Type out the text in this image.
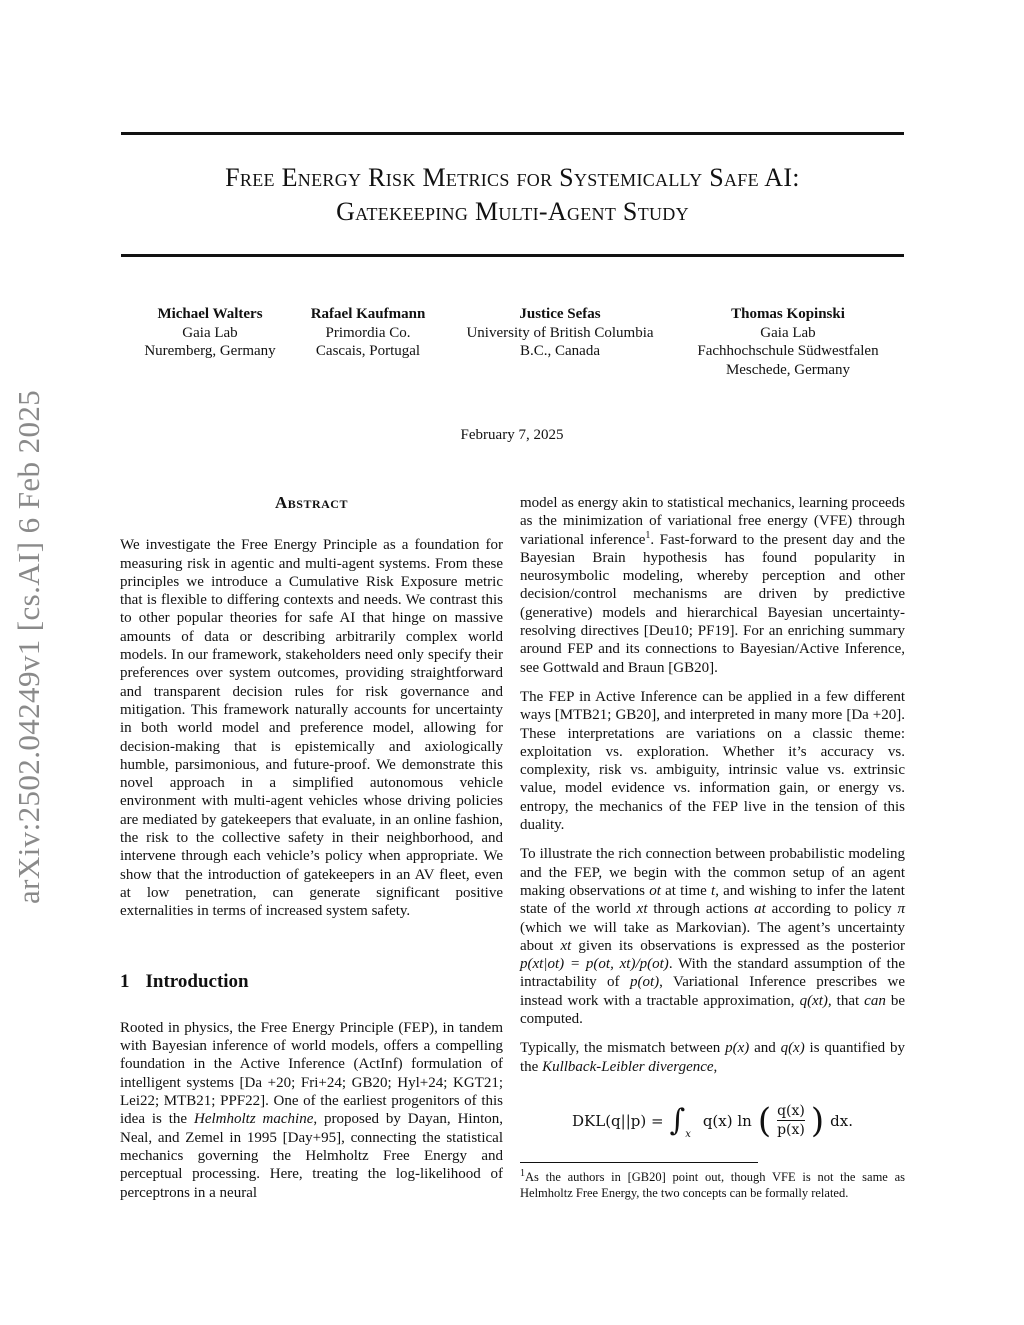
arXiv:2502.04249v1 [cs.AI] 6 Feb 2025
Free Energy Risk Metrics for Systemically Safe AI:
Gatekeeping Multi-Agent Study
Michael Walters
Gaia Lab
Nuremberg, Germany
Rafael Kaufmann
Primordia Co.
Cascais, Portugal
Justice Sefas
University of British Columbia
B.C., Canada
Thomas Kopinski
Gaia Lab
Fachhochschule Südwestfalen
Meschede, Germany
February 7, 2025
Abstract

We investigate the Free Energy Principle as a foundation for measuring risk in agentic and multi-agent systems. From these principles we introduce a Cumulative Risk Exposure metric that is flexible to differing contexts and needs. We contrast this to other popular theories for safe AI that hinge on massive amounts of data or describing arbitrarily complex world models. In our framework, stakeholders need only specify their preferences over system outcomes, providing straightforward and transparent decision rules for risk governance and mitigation. This framework naturally accounts for uncertainty in both world model and preference model, allowing for decision-making that is epistemically and axiologically humble, parsimonious, and future-proof. We demonstrate this novel approach in a simplified autonomous vehicle environment with multi-agent vehicles whose driving policies are mediated by gatekeepers that evaluate, in an online fashion, the risk to the collective safety in their neighborhood, and intervene through each vehicle’s policy when appropriate. We show that the introduction of gatekeepers in an AV fleet, even at low penetration, can generate significant positive externalities in terms of increased system safety.

1 Introduction

Rooted in physics, the Free Energy Principle (FEP), in tandem with Bayesian inference of world models, offers a compelling foundation in the Active Inference (ActInf) formulation of intelligent systems [Da +20; Fri+24; GB20; Hyl+24; KGT21; Lei22; MTB21; PPF22]. One of the earliest progenitors of this idea is the Helmholtz machine, proposed by Dayan, Hinton, Neal, and Zemel in 1995 [Day+95], connecting the statistical mechanics governing the Helmholtz Free Energy and perceptual processing. Here, treating the log-likelihood of perceptrons in a neural

model as energy akin to statistical mechanics, learning proceeds as the minimization of variational free energy (VFE) through variational inference$^1$. Fast-forward to the present day and the Bayesian Brain hypothesis has found popularity in neurosymbolic modeling, whereby perception and other decision/control mechanisms are driven by predictive (generative) models and hierarchical Bayesian uncertainty-resolving directives [Deu10; PF19]. For an enriching summary around FEP and its connections to Bayesian/Active Inference, see Gottwald and Braun [GB20].

The FEP in Active Inference can be applied in a few different ways [MTB21; GB20], and interpreted in many more [Da +20]. These interpretations are variations on a classic theme: exploitation vs. exploration. Whether it’s accuracy vs. complexity, risk vs. ambiguity, intrinsic value vs. extrinsic value, model evidence vs. information gain, or energy vs. entropy, the mechanics of the FEP live in the tension of this duality.

To illustrate the rich connection between probabilistic modeling and the FEP, we begin with the common setup of an agent making observations ot at time t, and wishing to infer the latent state of the world xt through actions at according to policy π (which we will take as Markovian). The agent’s uncertainty about xt given its observations is expressed as the posterior p(xt|ot) = p(ot, xt)/p(ot). With the standard assumption of the intractability of p(ot), Variational Inference prescribes we instead work with a tractable approximation, q(xt), that can be computed.

Typically, the mismatch between p(x) and q(x) is quantified by the Kullback-Leibler divergence,

DKL(q||p) = ∫ x
q(x) ln ( $\frac{q(x)}{p(x)}$ ) dx.
$^1$As the authors in [GB20] point out, though VFE is not the same as Helmholtz Free Energy, the two concepts can be formally related.
